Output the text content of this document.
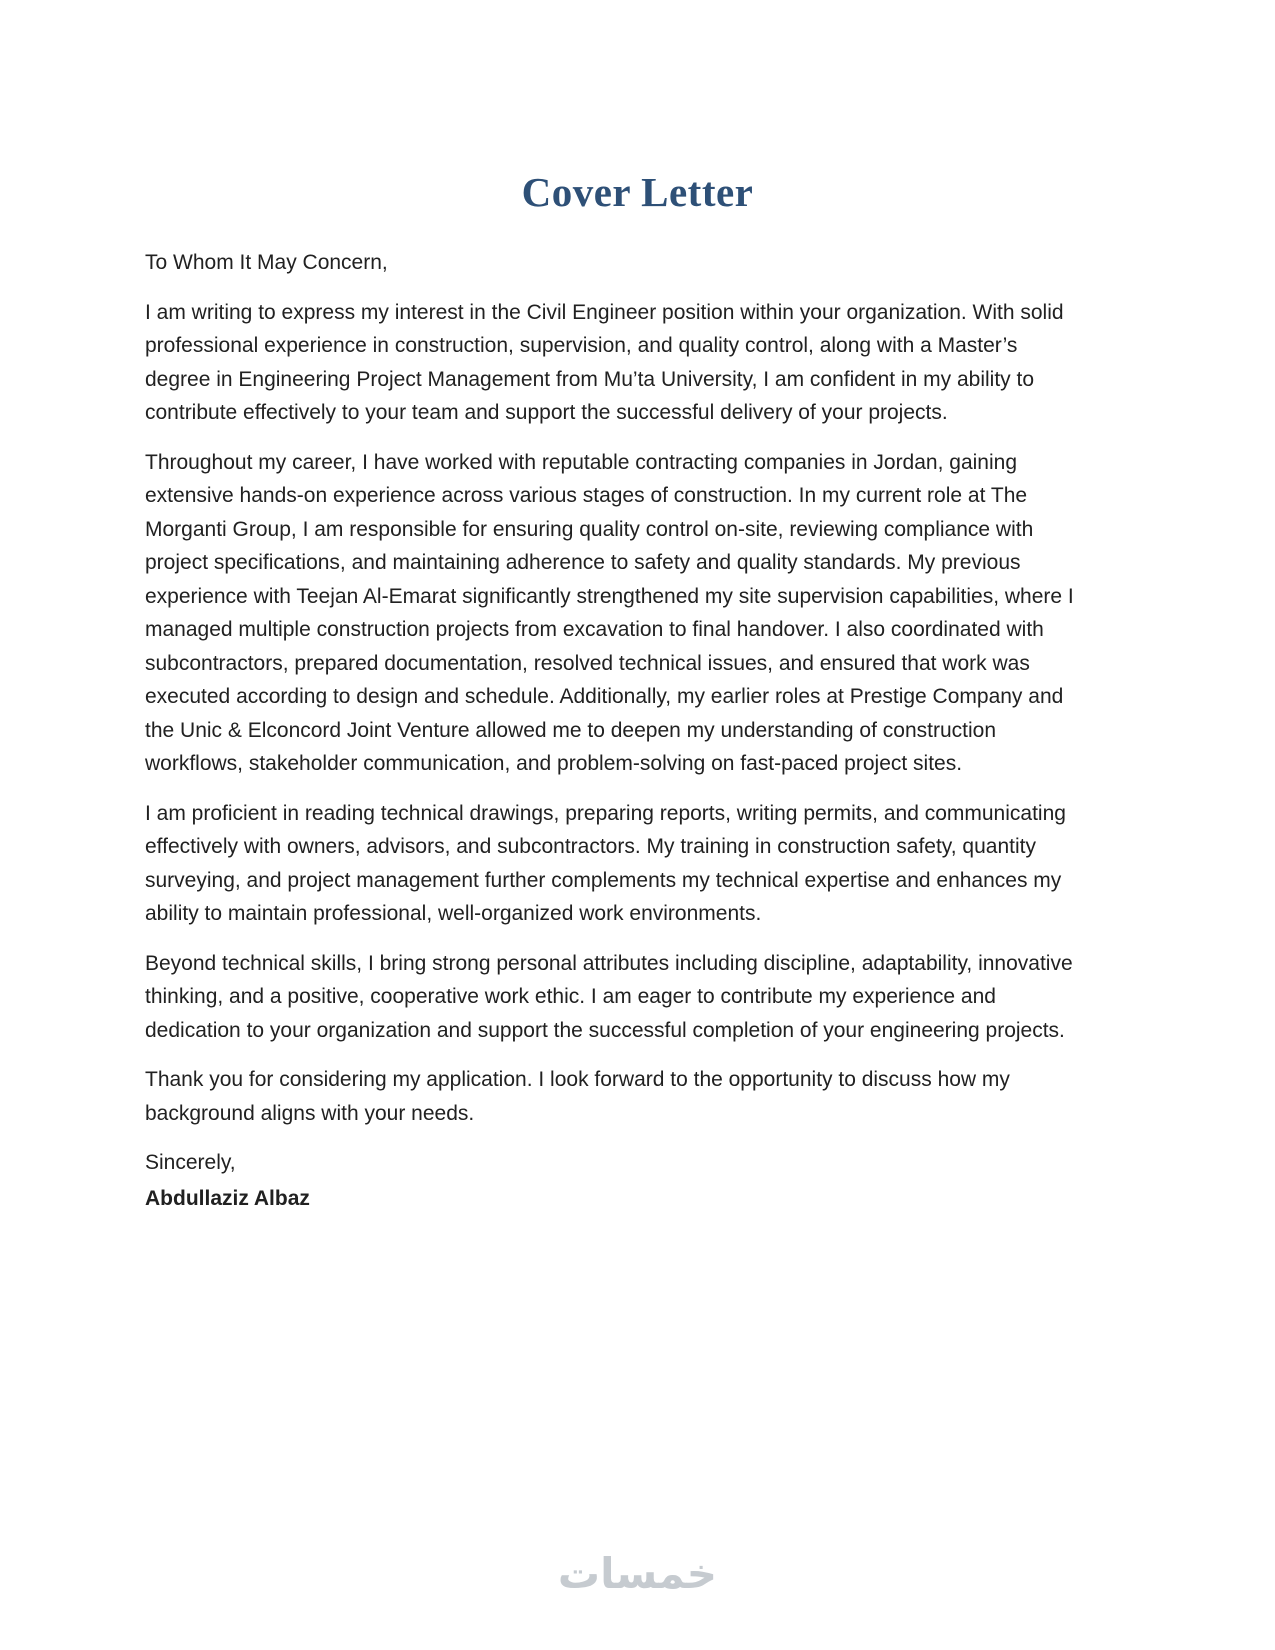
Cover Letter

To Whom It May Concern,

I am writing to express my interest in the Civil Engineer position within your organization. With solid professional experience in construction, supervision, and quality control, along with a Master’s degree in Engineering Project Management from Mu’ta University, I am confident in my ability to contribute effectively to your team and support the successful delivery of your projects.

Throughout my career, I have worked with reputable contracting companies in Jordan, gaining extensive hands-on experience across various stages of construction. In my current role at The Morganti Group, I am responsible for ensuring quality control on-site, reviewing compliance with project specifications, and maintaining adherence to safety and quality standards. My previous experience with Teejan Al-Emarat significantly strengthened my site supervision capabilities, where I managed multiple construction projects from excavation to final handover. I also coordinated with subcontractors, prepared documentation, resolved technical issues, and ensured that work was executed according to design and schedule. Additionally, my earlier roles at Prestige Company and the Unic & Elconcord Joint Venture allowed me to deepen my understanding of construction workflows, stakeholder communication, and problem-solving on fast-paced project sites.

I am proficient in reading technical drawings, preparing reports, writing permits, and communicating effectively with owners, advisors, and subcontractors. My training in construction safety, quantity surveying, and project management further complements my technical expertise and enhances my ability to maintain professional, well-organized work environments.

Beyond technical skills, I bring strong personal attributes including discipline, adaptability, innovative thinking, and a positive, cooperative work ethic. I am eager to contribute my experience and dedication to your organization and support the successful completion of your engineering projects.

Thank you for considering my application. I look forward to the opportunity to discuss how my background aligns with your needs.

Sincerely,

Abdullaziz Albaz

خمسات
